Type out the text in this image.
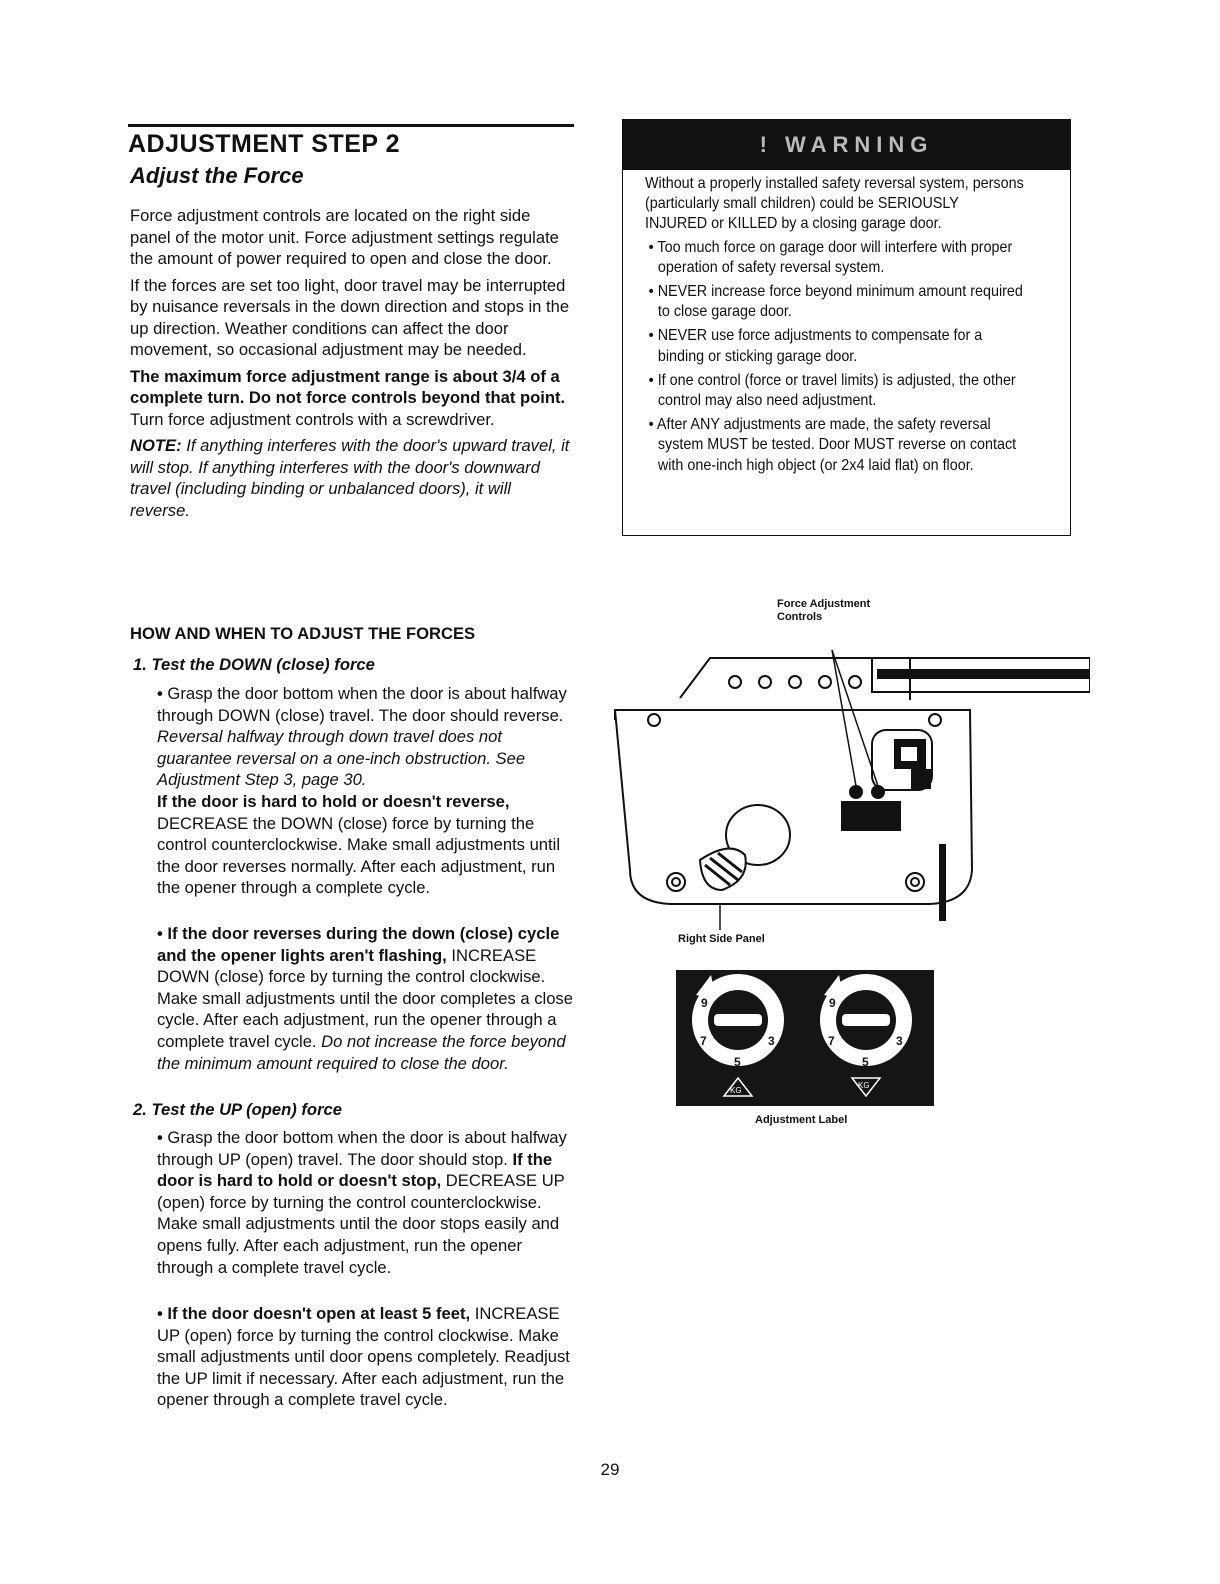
ADJUSTMENT STEP 2
Adjust the Force

Force adjustment controls are located on the right side panel of the motor unit. Force adjustment settings regulate the amount of power required to open and close the door.

If the forces are set too light, door travel may be interrupted by nuisance reversals in the down direction and stops in the up direction. Weather conditions can affect the door movement, so occasional adjustment may be needed.

The maximum force adjustment range is about 3/4 of a complete turn. Do not force controls beyond that point. Turn force adjustment controls with a screwdriver.

NOTE: If anything interferes with the door's upward travel, it will stop. If anything interferes with the door's downward travel (including binding or unbalanced doors), it will reverse.

HOW AND WHEN TO ADJUST THE FORCES
1. Test the DOWN (close) force
• Grasp the door bottom when the door is about halfway through DOWN (close) travel. The door should reverse. Reversal halfway through down travel does not guarantee reversal on a one-inch obstruction. See Adjustment Step 3, page 30.
If the door is hard to hold or doesn't reverse, DECREASE the DOWN (close) force by turning the control counterclockwise. Make small adjustments until the door reverses normally. After each adjustment, run the opener through a complete cycle.
• If the door reverses during the down (close) cycle and the opener lights aren't flashing, INCREASE DOWN (close) force by turning the control clockwise. Make small adjustments until the door completes a close cycle. After each adjustment, run the opener through a complete travel cycle. Do not increase the force beyond the minimum amount required to close the door.
2. Test the UP (open) force
• Grasp the door bottom when the door is about halfway through UP (open) travel. The door should stop. If the door is hard to hold or doesn't stop, DECREASE UP (open) force by turning the control counterclockwise. Make small adjustments until the door stops easily and opens fully. After each adjustment, run the opener through a complete travel cycle.
• If the door doesn't open at least 5 feet, INCREASE UP (open) force by turning the control clockwise. Make small adjustments until door opens completely. Readjust the UP limit if necessary. After each adjustment, run the opener through a complete travel cycle.
29
! WARNING

Without a properly installed safety reversal system, persons (particularly small children) could be SERIOUSLY INJURED or KILLED by a closing garage door.

• Too much force on garage door will interfere with proper operation of safety reversal system.
• NEVER increase force beyond minimum amount required to close garage door.
• NEVER use force adjustments to compensate for a binding or sticking garage door.
• If one control (force or travel limits) is adjusted, the other control may also need adjustment.
• After ANY adjustments are made, the safety reversal system MUST be tested. Door MUST reverse on contact with one-inch high object (or 2x4 laid flat) on floor.
Force Adjustment
Controls
Right Side Panel
9
7
5
3
9
7
5
3
KG
KG
Adjustment Label
